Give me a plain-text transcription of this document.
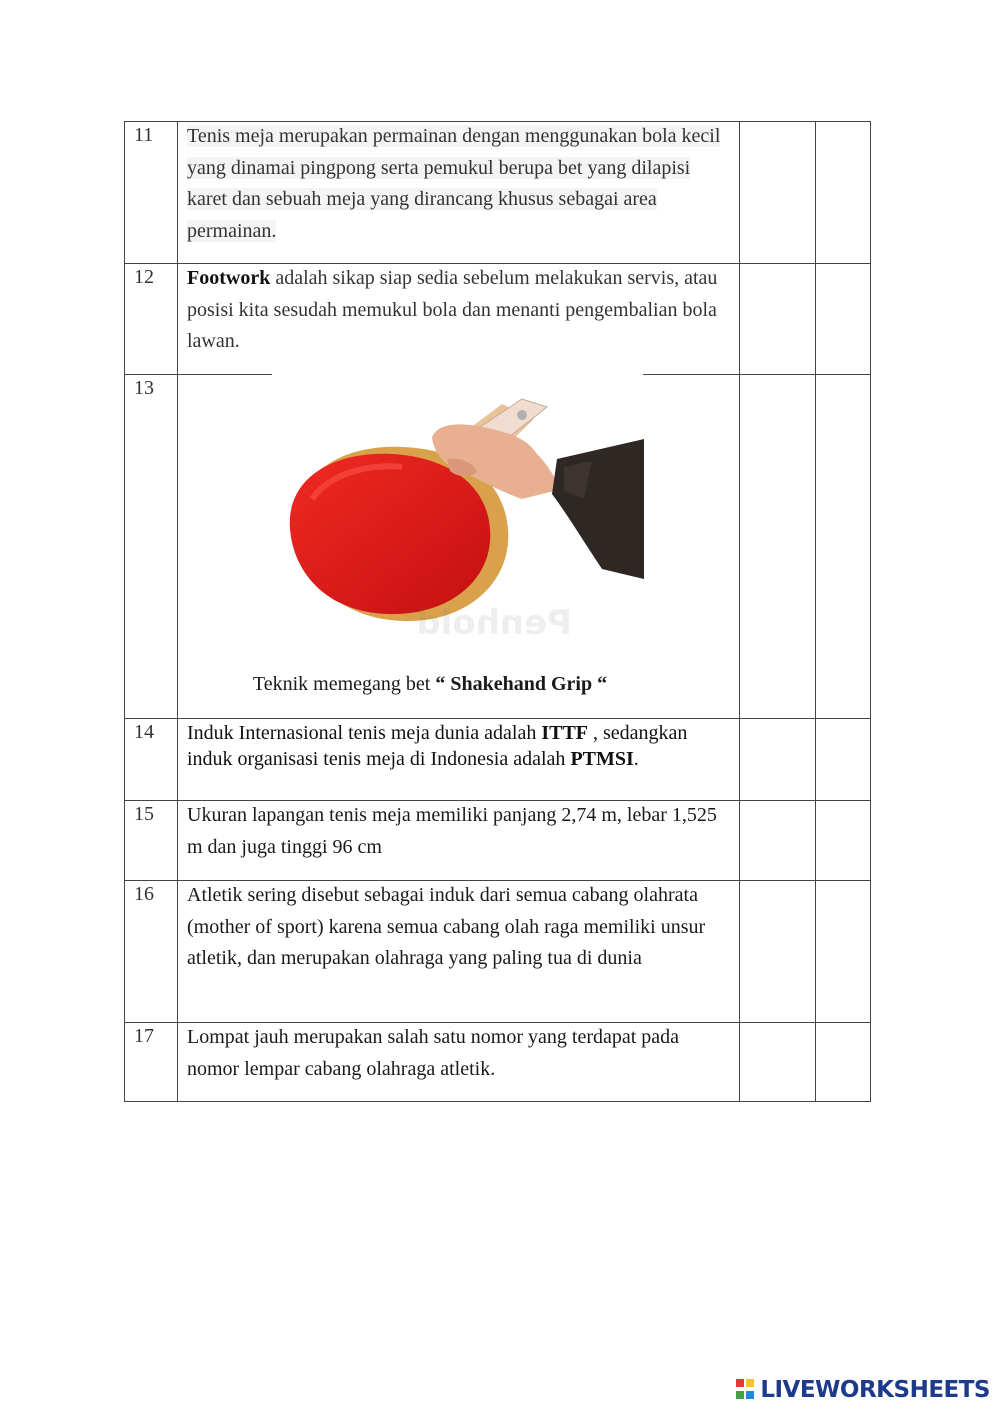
11 Tenis meja merupakan permainan dengan menggunakan bola kecil yang dinamai pingpong serta pemukul berupa bet yang dilapisi karet dan sebuah meja yang dirancang khusus sebagai area permainan.
12 Footwork adalah sikap siap sedia sebelum melakukan servis, atau posisi kita sesudah memukul bola dan menanti pengembalian bola lawan.
13
Penhold
Teknik memegang bet “ Shakehand Grip “
14 Induk Internasional tenis meja dunia adalah ITTF , sedangkan induk organisasi tenis meja di Indonesia adalah PTMSI.
15 Ukuran lapangan tenis meja memiliki panjang 2,74 m, lebar 1,525 m dan juga tinggi 96 cm
16 Atletik sering disebut sebagai induk dari semua cabang olahrata (mother of sport) karena semua cabang olah raga memiliki unsur atletik, dan merupakan olahraga yang paling tua di dunia
17 Lompat jauh merupakan salah satu nomor yang terdapat pada nomor lempar cabang olahraga atletik.
LIVEWORKSHEETS
